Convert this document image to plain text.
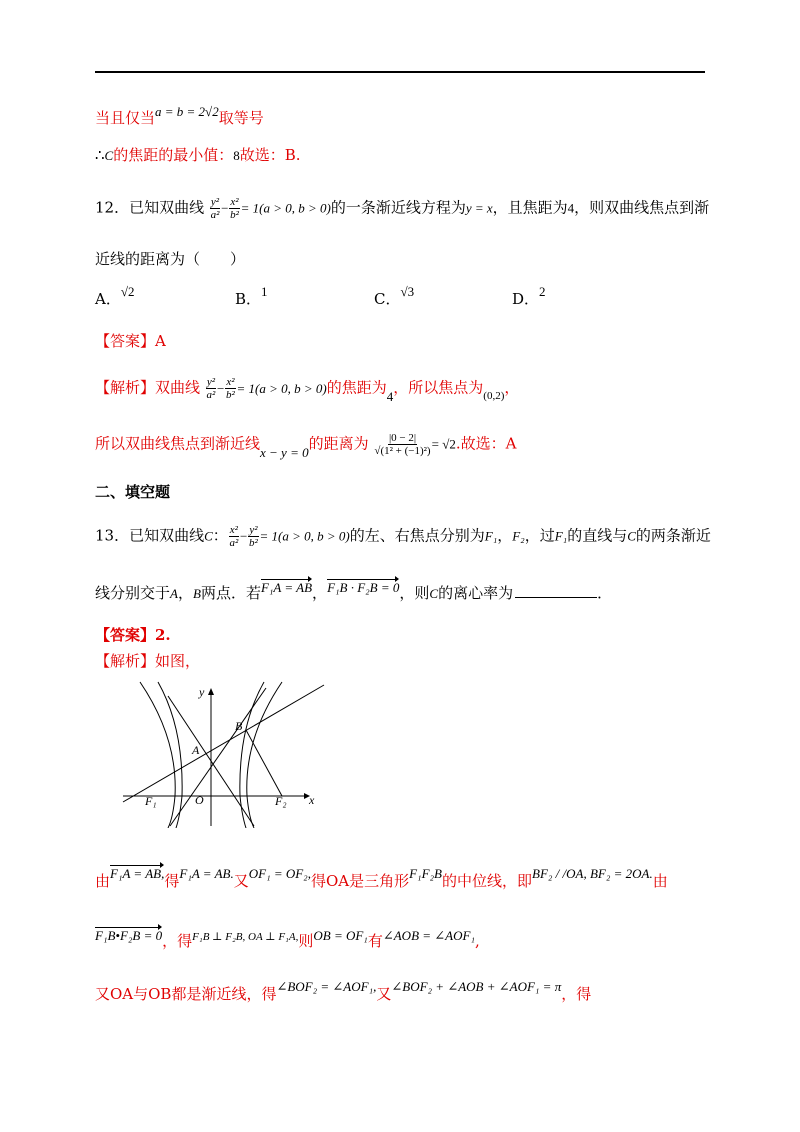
当且仅当a = b = 2√2取等号
∴C的焦距的最小值：8故选：B.
12．已知双曲线 $\frac{\text{y²}}{\text{a²}} - \frac{\text{x²}}{\text{b²}} = 1(a > 0$, b > 0)的一条渐近线方程为y = x，且焦距为4，则双曲线焦点到渐
近线的距离为（　　）
A．√2	B．1	C．√3	D．2
【答案】A
【解析】双曲线 $\frac{\text{y²}}{\text{a²}} - \frac{\text{x²}}{\text{b²}} = 1(a > 0$, b > 0)的焦距为4，所以焦点为$_{(0,2)}$，
所以双曲线焦点到渐近线x − y = 0的距离为 $\frac{|0 - 2|}{\text{√(1² + (−1)²)}} = √2$.故选：A
二、填空题
13．已知双曲线C： $\frac{\text{x²}}{\text{a²}} - \frac{\text{y²}}{\text{b²}} = 1(a > 0$, b > 0)的左、右焦点分别为F₁，F₂，过F₁的直线与C的两条渐近
线分别交于A，B两点．若F₁A = AB，F₁B · F₂B = 0，则C的离心率为	．
【答案】2.
【解析】如图，
y
x
O
A
B
F₁	F₂
由F₁A = AB,得F₁A = AB.又OF₁ = OF₂,得OA是三角形F₁F₂B的中位线，即BF₂ / /OA, BF₂ = 2OA.由
F₁B•F₂B = 0，得$^{F_1B \perp F_2B, OA \perp F_1A,}$则OB = OF₁有∠AOB = ∠AOF₁,
又OA与OB都是渐近线，得∠BOF₂ = ∠AOF₁,又∠BOF₂ + ∠AOB + ∠AOF₁ = π，得
